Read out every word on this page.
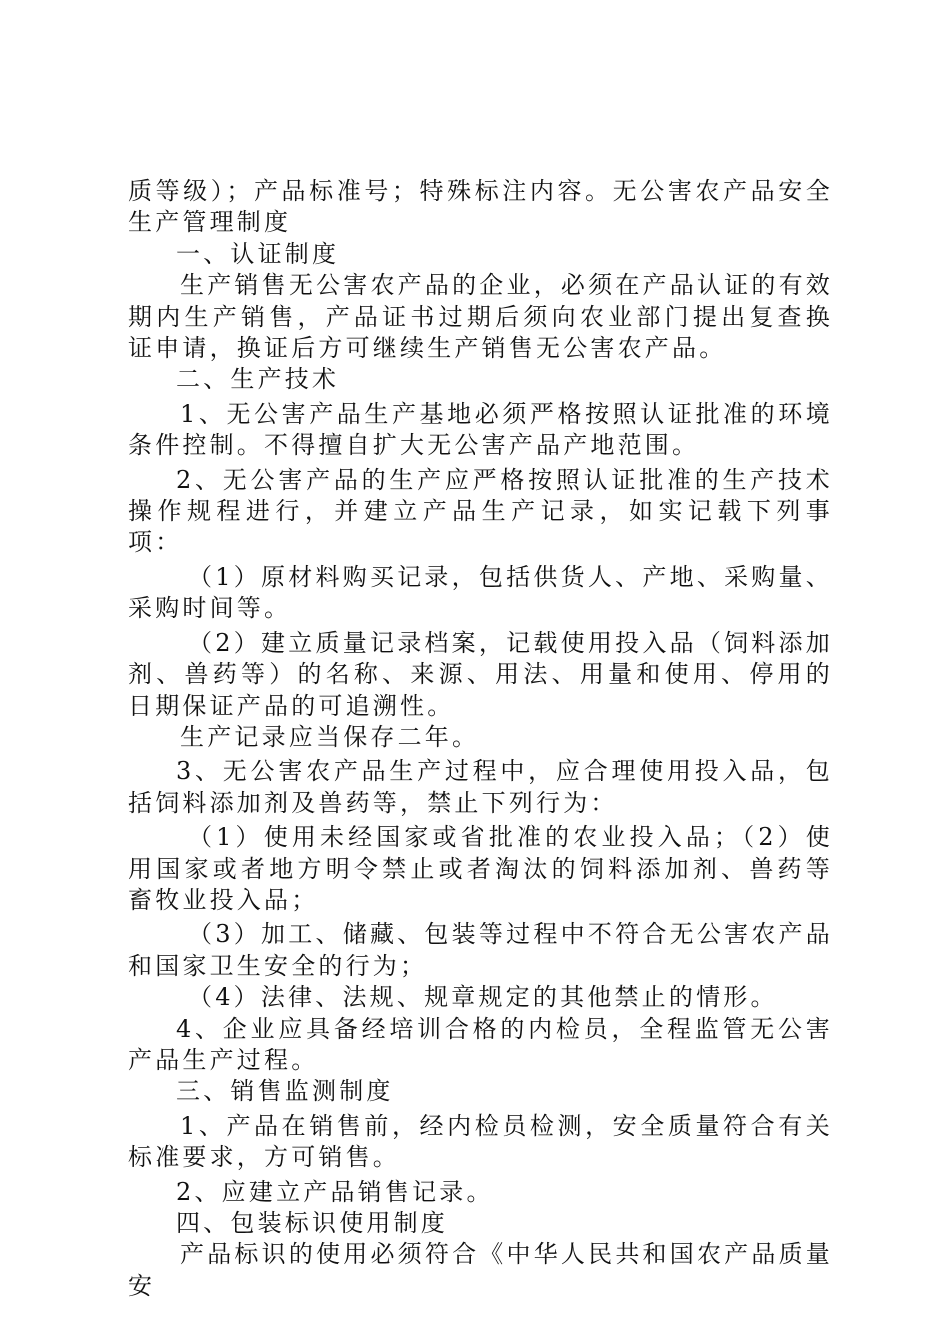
质等级）；产品标准号；特殊标注内容。无公害农产品安全生产管理制度

一、认证制度

生产销售无公害农产品的企业，必须在产品认证的有效期内生产销售，产品证书过期后须向农业部门提出复查换证申请，换证后方可继续生产销售无公害农产品。

二、生产技术

1、无公害产品生产基地必须严格按照认证批准的环境条件控制。不得擅自扩大无公害产品产地范围。

2、无公害产品的生产应严格按照认证批准的生产技术操作规程进行，并建立产品生产记录，如实记载下列事项：

（1）原材料购买记录，包括供货人、产地、采购量、采购时间等。

（2）建立质量记录档案，记载使用投入品（饲料添加剂、兽药等）的名称、来源、用法、用量和使用、停用的日期保证产品的可追溯性。

生产记录应当保存二年。

3、无公害农产品生产过程中，应合理使用投入品，包括饲料添加剂及兽药等，禁止下列行为：

（1）使用未经国家或省批准的农业投入品；（2）使用国家或者地方明令禁止或者淘汰的饲料添加剂、兽药等畜牧业投入品；

（3）加工、储藏、包装等过程中不符合无公害农产品和国家卫生安全的行为；

（4）法律、法规、规章规定的其他禁止的情形。

4、企业应具备经培训合格的内检员，全程监管无公害产品生产过程。

三、销售监测制度

1、产品在销售前，经内检员检测，安全质量符合有关标准要求，方可销售。

2、应建立产品销售记录。

四、包装标识使用制度

产品标识的使用必须符合《中华人民共和国农产品质量安
